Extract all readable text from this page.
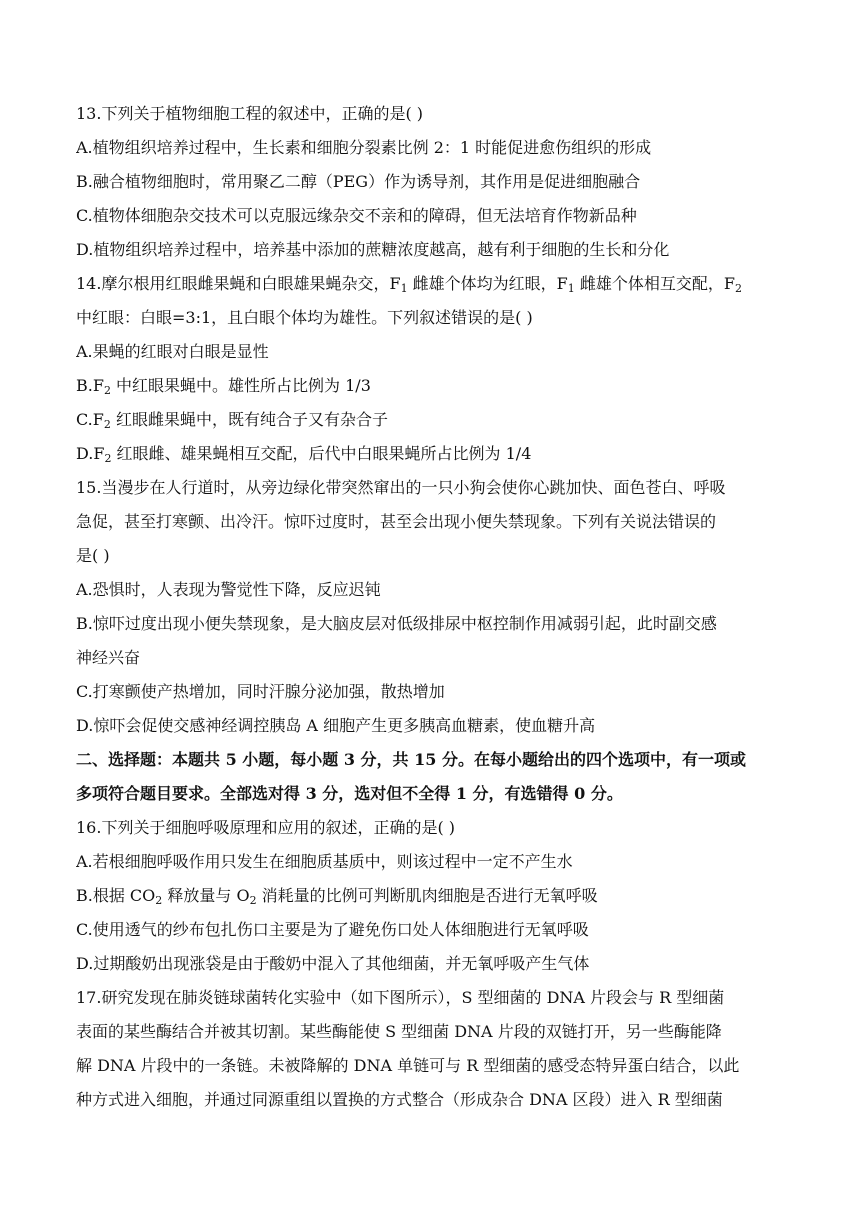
13.下列关于植物细胞工程的叙述中，正确的是( )
A.植物组织培养过程中，生长素和细胞分裂素比例 2：1 时能促进愈伤组织的形成
B.融合植物细胞时，常用聚乙二醇（PEG）作为诱导剂，其作用是促进细胞融合
C.植物体细胞杂交技术可以克服远缘杂交不亲和的障碍，但无法培育作物新品种
D.植物组织培养过程中，培养基中添加的蔗糖浓度越高，越有利于细胞的生长和分化
14.摩尔根用红眼雌果蝇和白眼雄果蝇杂交，$F_1$ 雌雄个体均为红眼，$F_1$ 雌雄个体相互交配，$F_2$
中红眼：白眼=3:1，且白眼个体均为雄性。下列叙述错误的是( )
A.果蝇的红眼对白眼是显性
$B.F_2$ 中红眼果蝇中。雄性所占比例为 1/3
$C.F_2$ 红眼雌果蝇中，既有纯合子又有杂合子
$D.F_2$ 红眼雌、雄果蝇相互交配，后代中白眼果蝇所占比例为 1/4
15.当漫步在人行道时，从旁边绿化带突然窜出的一只小狗会使你心跳加快、面色苍白、呼吸
急促，甚至打寒颤、出冷汗。惊吓过度时，甚至会出现小便失禁现象。下列有关说法错误的
是( )
A.恐惧时，人表现为警觉性下降，反应迟钝
B.惊吓过度出现小便失禁现象，是大脑皮层对低级排尿中枢控制作用减弱引起，此时副交感
神经兴奋
C.打寒颤使产热增加，同时汗腺分泌加强，散热增加
D.惊吓会促使交感神经调控胰岛 A 细胞产生更多胰高血糖素，使血糖升高
二、选择题：本题共 5 小题，每小题 3 分，共 15 分。在每小题给出的四个选项中，有一项或
多项符合题目要求。全部选对得 3 分，选对但不全得 1 分，有选错得 0 分。
16.下列关于细胞呼吸原理和应用的叙述，正确的是( )
A.若根细胞呼吸作用只发生在细胞质基质中，则该过程中一定不产生水
B.根据 $CO_2$ 释放量与 $O_2$ 消耗量的比例可判断肌肉细胞是否进行无氧呼吸
C.使用透气的纱布包扎伤口主要是为了避免伤口处人体细胞进行无氧呼吸
D.过期酸奶出现涨袋是由于酸奶中混入了其他细菌，并无氧呼吸产生气体
17.研究发现在肺炎链球菌转化实验中（如下图所示），S 型细菌的 DNA 片段会与 R 型细菌
表面的某些酶结合并被其切割。某些酶能使 S 型细菌 DNA 片段的双链打开，另一些酶能降
解 DNA 片段中的一条链。未被降解的 DNA 单链可与 R 型细菌的感受态特异蛋白结合，以此
种方式进入细胞，并通过同源重组以置换的方式整合（形成杂合 DNA 区段）进入 R 型细菌
